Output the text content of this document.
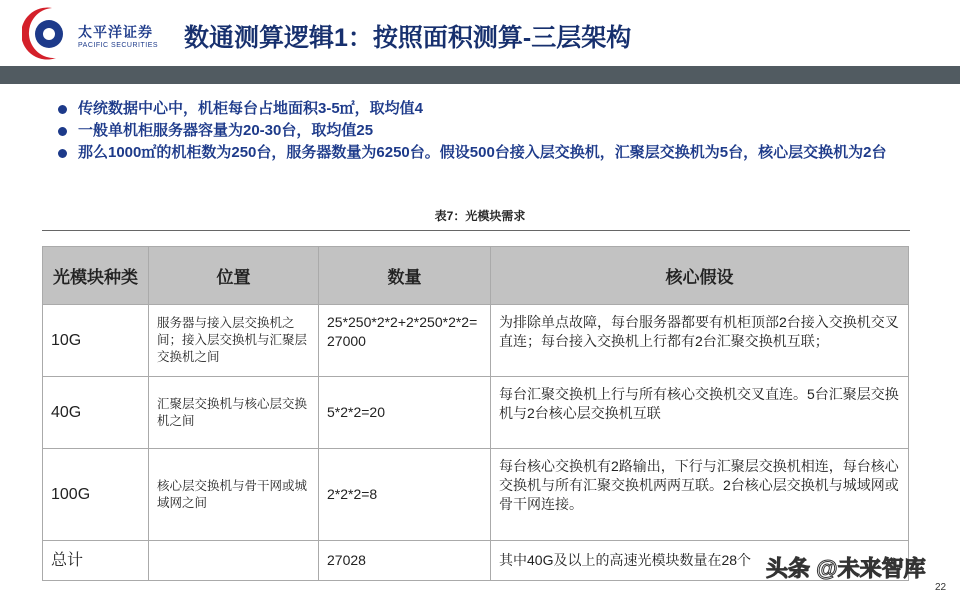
太平洋证券
PACIFIC SECURITIES 数通测算逻辑1：按照面积测算-三层架构
传统数据中心中，机柜每台占地面积3-5㎡，取均值4
一般单机柜服务器容量为20-30台，取均值25
那么1000㎡的机柜数为250台，服务器数量为6250台。假设500台接入层交换机，汇聚层交换机为5台，核心层交换机为2台
表7：光模块需求
光模块种类	位置	数量	核心假设
10G	服务器与接入层交换机之间；接入层交换机与汇聚层交换机之间	25*250*2*2+2*250*2*2=27000	为排除单点故障，每台服务器都要有机柜顶部2台接入交换机交叉直连；每台接入交换机上行都有2台汇聚交换机互联；
40G	汇聚层交换机与核心层交换机之间	5*2*2=20	每台汇聚交换机上行与所有核心交换机交叉直连。5台汇聚层交换机与2台核心层交换机互联
100G	核心层交换机与骨干网或城域网之间	2*2*2=8	每台核心交换机有2路输出，下行与汇聚层交换机相连，每台核心交换机与所有汇聚交换机两两互联。2台核心层交换机与城域网或骨干网连接。
总计		27028	其中40G及以上的高速光模块数量在28个 头条 @未来智库
22
